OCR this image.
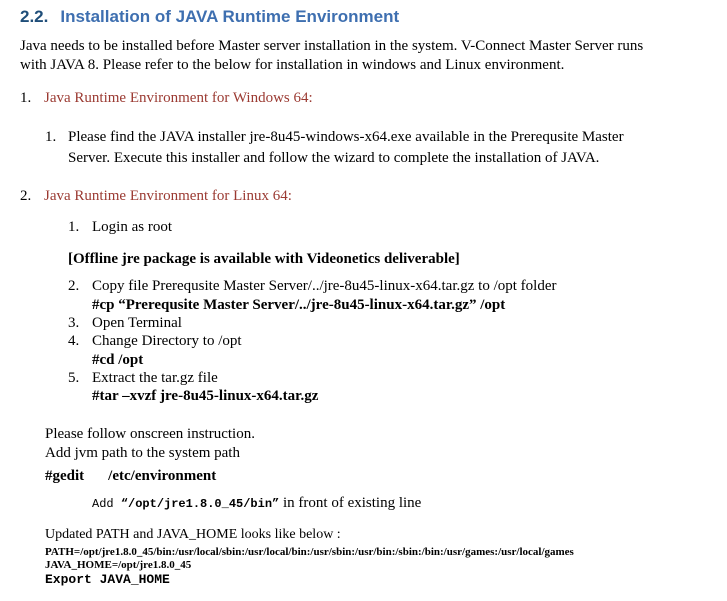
2.2. Installation of JAVA Runtime Environment
Java needs to be installed before Master server installation in the system. V-Connect Master Server runs
with JAVA 8. Please refer to the below for installation in windows and Linux environment.
1. Java Runtime Environment for Windows 64:
1. Please find the JAVA installer jre-8u45-windows-x64.exe available in the Prerequsite Master
Server. Execute this installer and follow the wizard to complete the installation of JAVA.
2. Java Runtime Environment for Linux 64:
1. Login as root
[Offline jre package is available with Videonetics deliverable]
2. Copy file Prerequsite Master Server/../jre-8u45-linux-x64.tar.gz to /opt folder
#cp “Prerequsite Master Server/../jre-8u45-linux-x64.tar.gz” /opt
3. Open Terminal
4. Change Directory to /opt
#cd /opt
5. Extract the tar.gz file
#tar –xvzf jre-8u45-linux-x64.tar.gz
Please follow onscreen instruction.
Add jvm path to the system path
#gedit /etc/environment
Add “/opt/jre1.8.0_45/bin” in front of existing line
Updated PATH and JAVA_HOME looks like below :
PATH=/opt/jre1.8.0_45/bin:/usr/local/sbin:/usr/local/bin:/usr/sbin:/usr/bin:/sbin:/bin:/usr/games:/usr/local/games
JAVA_HOME=/opt/jre1.8.0_45
Export JAVA_HOME
